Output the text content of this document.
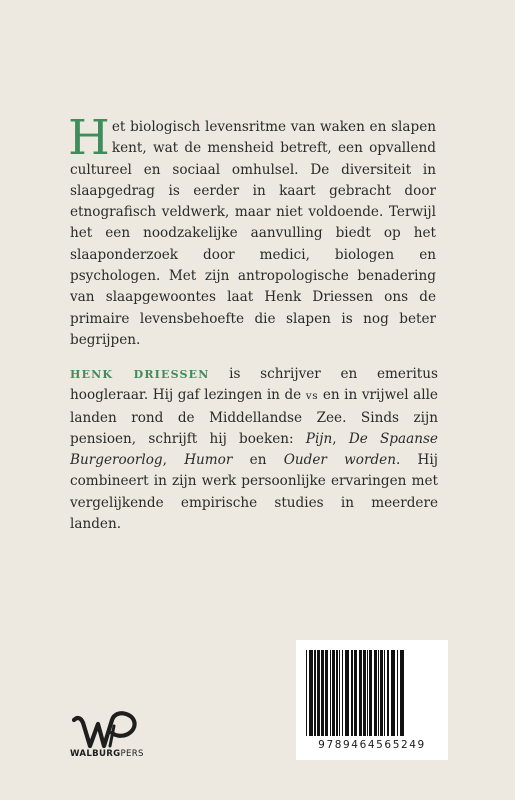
H et biologisch levensritme van waken en slapen kent, wat de mensheid betreft, een opvallend cultureel en sociaal omhulsel. De diversiteit in slaapgedrag is eerder in kaart gebracht door etnografisch veldwerk, maar niet voldoende. Terwijl het een noodzakelijke aanvulling biedt op het slaaponderzoek door medici, biologen en psychologen. Met zijn antropologische benadering van slaapgewoontes laat Henk Driessen ons de primaire levensbehoefte die slapen is nog beter begrijpen.

HENK DRIESSEN is schrijver en emeritus hoogleraar. Hij gaf lezingen in de vs en in vrijwel alle landen rond de Middellandse Zee. Sinds zijn pensioen, schrijft hij boeken: Pijn, De Spaanse Burgeroorlog, Humor en Ouder worden. Hij combineert in zijn werk persoonlijke ervaringen met vergelijkende empirische studies in meerdere landen.

WALBURGPERS
9789464565249
